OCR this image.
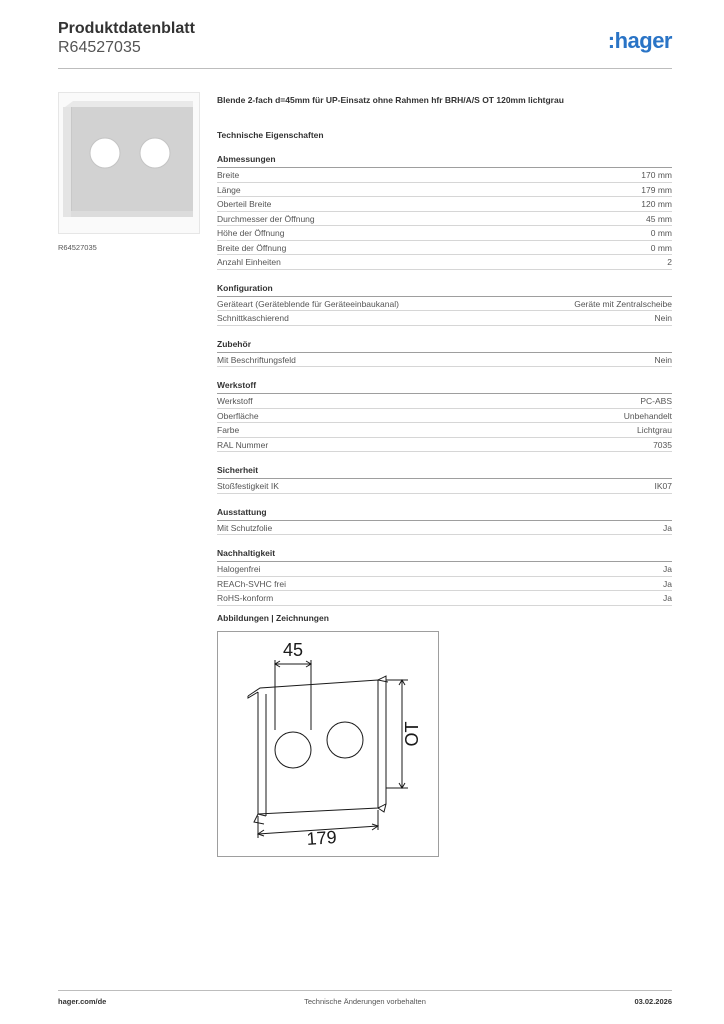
Produktdatenblatt
R64527035	:hager
R64527035
Blende 2-fach d=45mm für UP-Einsatz ohne Rahmen hfr BRH/A/S OT 120mm lichtgrau
Technische Eigenschaften
Abmessungen
Breite	170 mm
Länge	179 mm
Oberteil Breite	120 mm
Durchmesser der Öffnung	45 mm
Höhe der Öffnung	0 mm
Breite der Öffnung	0 mm
Anzahl Einheiten	2
Konfiguration
Geräteart (Geräteblende für Geräteeinbaukanal)	Geräte mit Zentralscheibe
Schnittkaschierend	Nein
Zubehör
Mit Beschriftungsfeld	Nein
Werkstoff
Werkstoff	PC-ABS
Oberfläche	Unbehandelt
Farbe	Lichtgrau
RAL Nummer	7035
Sicherheit
Stoßfestigkeit IK	IK07
Ausstattung
Mit Schutzfolie	Ja
Nachhaltigkeit
Halogenfrei	Ja
REACh-SVHC frei	Ja
RoHS-konform	Ja
Abbildungen | Zeichnungen
45
OT
179
hager.com/de	Technische Änderungen vorbehalten	03.02.2026
